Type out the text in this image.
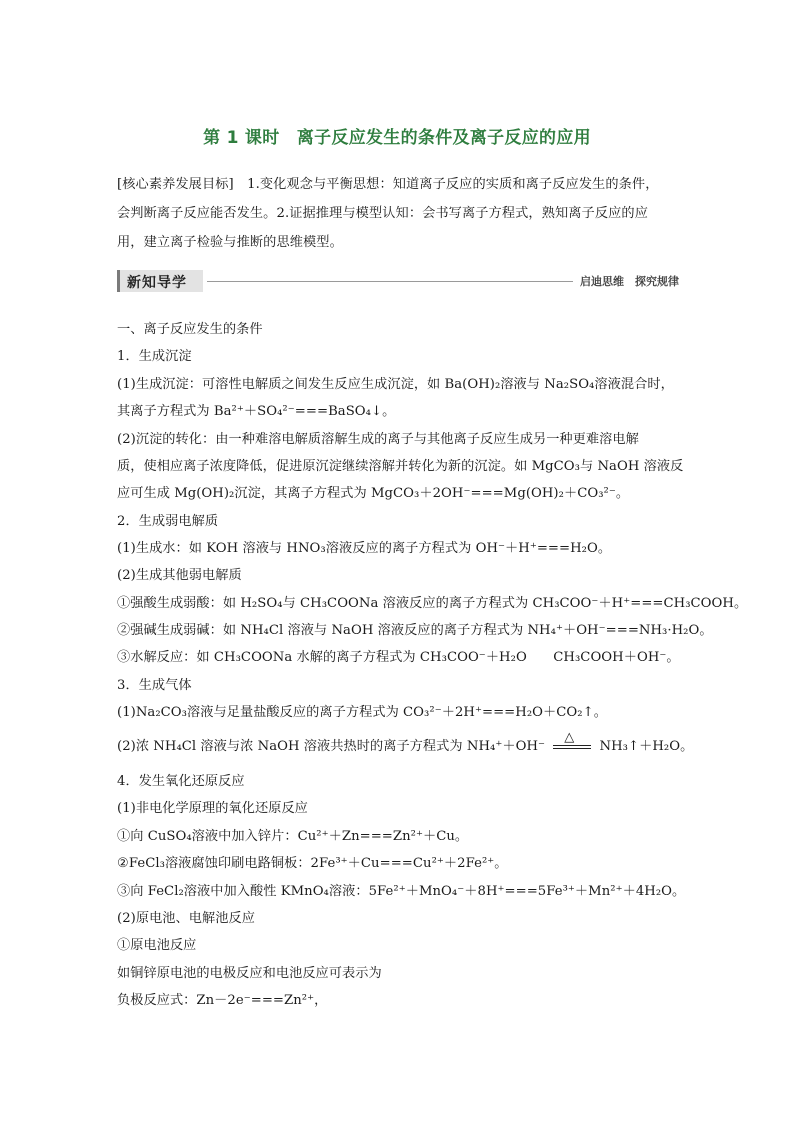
第 1 课时　离子反应发生的条件及离子反应的应用
[核心素养发展目标]　1.变化观念与平衡思想：知道离子反应的实质和离子反应发生的条件，
会判断离子反应能否发生。2.证据推理与模型认知：会书写离子方程式，熟知离子反应的应
用，建立离子检验与推断的思维模型。
新知导学	启迪思维　探究规律
一、离子反应发生的条件
1．生成沉淀
(1)生成沉淀：可溶性电解质之间发生反应生成沉淀，如 Ba(OH)₂溶液与 Na₂SO₄溶液混合时，
其离子方程式为 Ba²⁺＋SO₄²⁻===BaSO₄↓。
(2)沉淀的转化：由一种难溶电解质溶解生成的离子与其他离子反应生成另一种更难溶电解
质，使相应离子浓度降低，促进原沉淀继续溶解并转化为新的沉淀。如 MgCO₃与 NaOH 溶液反
应可生成 Mg(OH)₂沉淀，其离子方程式为 MgCO₃＋2OH⁻===Mg(OH)₂＋CO₃²⁻。
2．生成弱电解质
(1)生成水：如 KOH 溶液与 HNO₃溶液反应的离子方程式为 OH⁻＋H⁺===H₂O。
(2)生成其他弱电解质
①强酸生成弱酸：如 H₂SO₄与 CH₃COONa 溶液反应的离子方程式为 CH₃COO⁻＋H⁺===CH₃COOH。
②强碱生成弱碱：如 NH₄Cl 溶液与 NaOH 溶液反应的离子方程式为 NH₄⁺＋OH⁻===NH₃·H₂O。
③水解反应：如 CH₃COONa 水解的离子方程式为 CH₃COO⁻＋H₂O　　CH₃COOH＋OH⁻。
3．生成气体
(1)Na₂CO₃溶液与足量盐酸反应的离子方程式为 CO₃²⁻＋2H⁺===H₂O＋CO₂↑。
(2)浓 NH₄Cl 溶液与浓 NaOH 溶液共热时的离子方程式为 NH₄⁺＋OH⁻
△
NH₃↑＋H₂O。
4．发生氧化还原反应
(1)非电化学原理的氧化还原反应
①向 CuSO₄溶液中加入锌片：Cu²⁺＋Zn===Zn²⁺＋Cu。
②FeCl₃溶液腐蚀印刷电路铜板：2Fe³⁺＋Cu===Cu²⁺＋2Fe²⁺。
③向 FeCl₂溶液中加入酸性 KMnO₄溶液：5Fe²⁺＋MnO₄⁻＋8H⁺===5Fe³⁺＋Mn²⁺＋4H₂O。
(2)原电池、电解池反应
①原电池反应
如铜锌原电池的电极反应和电池反应可表示为
负极反应式：Zn－2e⁻===Zn²⁺，
